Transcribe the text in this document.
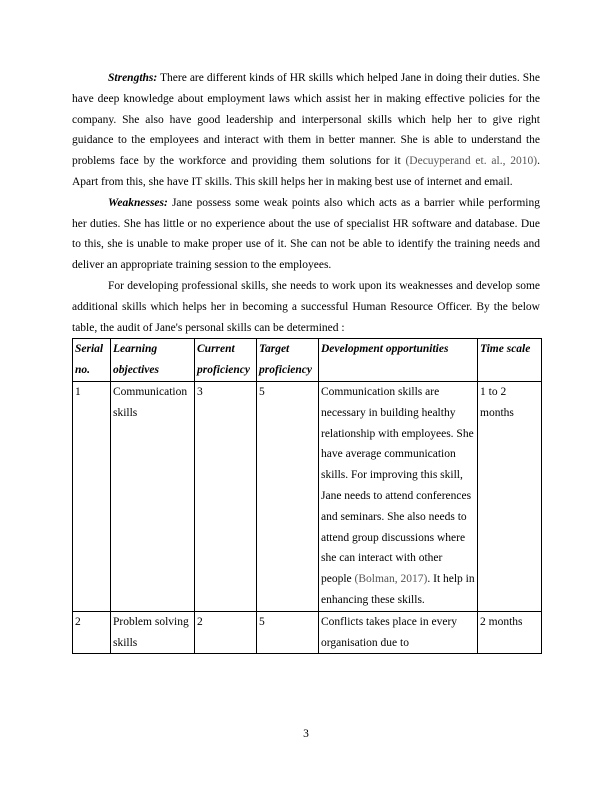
Strengths: There are different kinds of HR skills which helped Jane in doing their duties. She have deep knowledge about employment laws which assist her in making effective policies for the company. She also have good leadership and interpersonal skills which help her to give right guidance to the employees and interact with them in better manner. She is able to understand the problems face by the workforce and providing them solutions for it (Decuyperand et. al., 2010). Apart from this, she have IT skills. This skill helps her in making best use of internet and email.

Weaknesses: Jane possess some weak points also which acts as a barrier while performing her duties. She has little or no experience about the use of specialist HR software and database. Due to this, she is unable to make proper use of it. She can not be able to identify the training needs and deliver an appropriate training session to the employees.

For developing professional skills, she needs to work upon its weaknesses and develop some additional skills which helps her in becoming a successful Human Resource Officer. By the below table, the audit of Jane's personal skills can be determined :

Serial no.	Learning objectives	Current proficiency	Target proficiency	Development opportunities	Time scale
1	Communication skills	3	5	Communication skills are necessary in building healthy relationship with employees. She have average communication skills. For improving this skill, Jane needs to attend conferences and seminars. She also needs to attend group discussions where she can interact with other people (Bolman, 2017). It help in enhancing these skills.	1 to 2 months
2	Problem solving skills	2	5	Conflicts takes place in every organisation due to	2 months
3
